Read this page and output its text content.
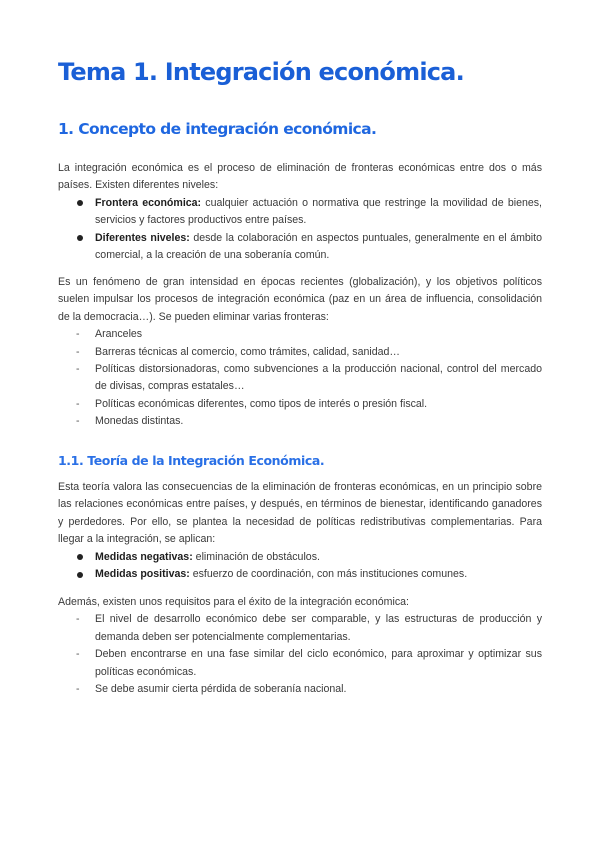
Tema 1. Integración económica.
1. Concepto de integración económica.

La integración económica es el proceso de eliminación de fronteras económicas entre dos o más países. Existen diferentes niveles:

Frontera económica: cualquier actuación o normativa que restringe la movilidad de bienes, servicios y factores productivos entre países.
Diferentes niveles: desde la colaboración en aspectos puntuales, generalmente en el ámbito comercial, a la creación de una soberanía común.

Es un fenómeno de gran intensidad en épocas recientes (globalización), y los objetivos políticos suelen impulsar los procesos de integración económica (paz en un área de influencia, consolidación de la democracia…). Se pueden eliminar varias fronteras:

- Aranceles
- Barreras técnicas al comercio, como trámites, calidad, sanidad…
- Políticas distorsionadoras, como subvenciones a la producción nacional, control del mercado de divisas, compras estatales…
- Políticas económicas diferentes, como tipos de interés o presión fiscal.
- Monedas distintas.
1.1. Teoría de la Integración Económica.

Esta teoría valora las consecuencias de la eliminación de fronteras económicas, en un principio sobre las relaciones económicas entre países, y después, en términos de bienestar, identificando ganadores y perdedores. Por ello, se plantea la necesidad de políticas redistributivas complementarias. Para llegar a la integración, se aplican:

Medidas negativas: eliminación de obstáculos.
Medidas positivas: esfuerzo de coordinación, con más instituciones comunes.

Además, existen unos requisitos para el éxito de la integración económica:

- El nivel de desarrollo económico debe ser comparable, y las estructuras de producción y demanda deben ser potencialmente complementarias.
- Deben encontrarse en una fase similar del ciclo económico, para aproximar y optimizar sus políticas económicas.
- Se debe asumir cierta pérdida de soberanía nacional.
